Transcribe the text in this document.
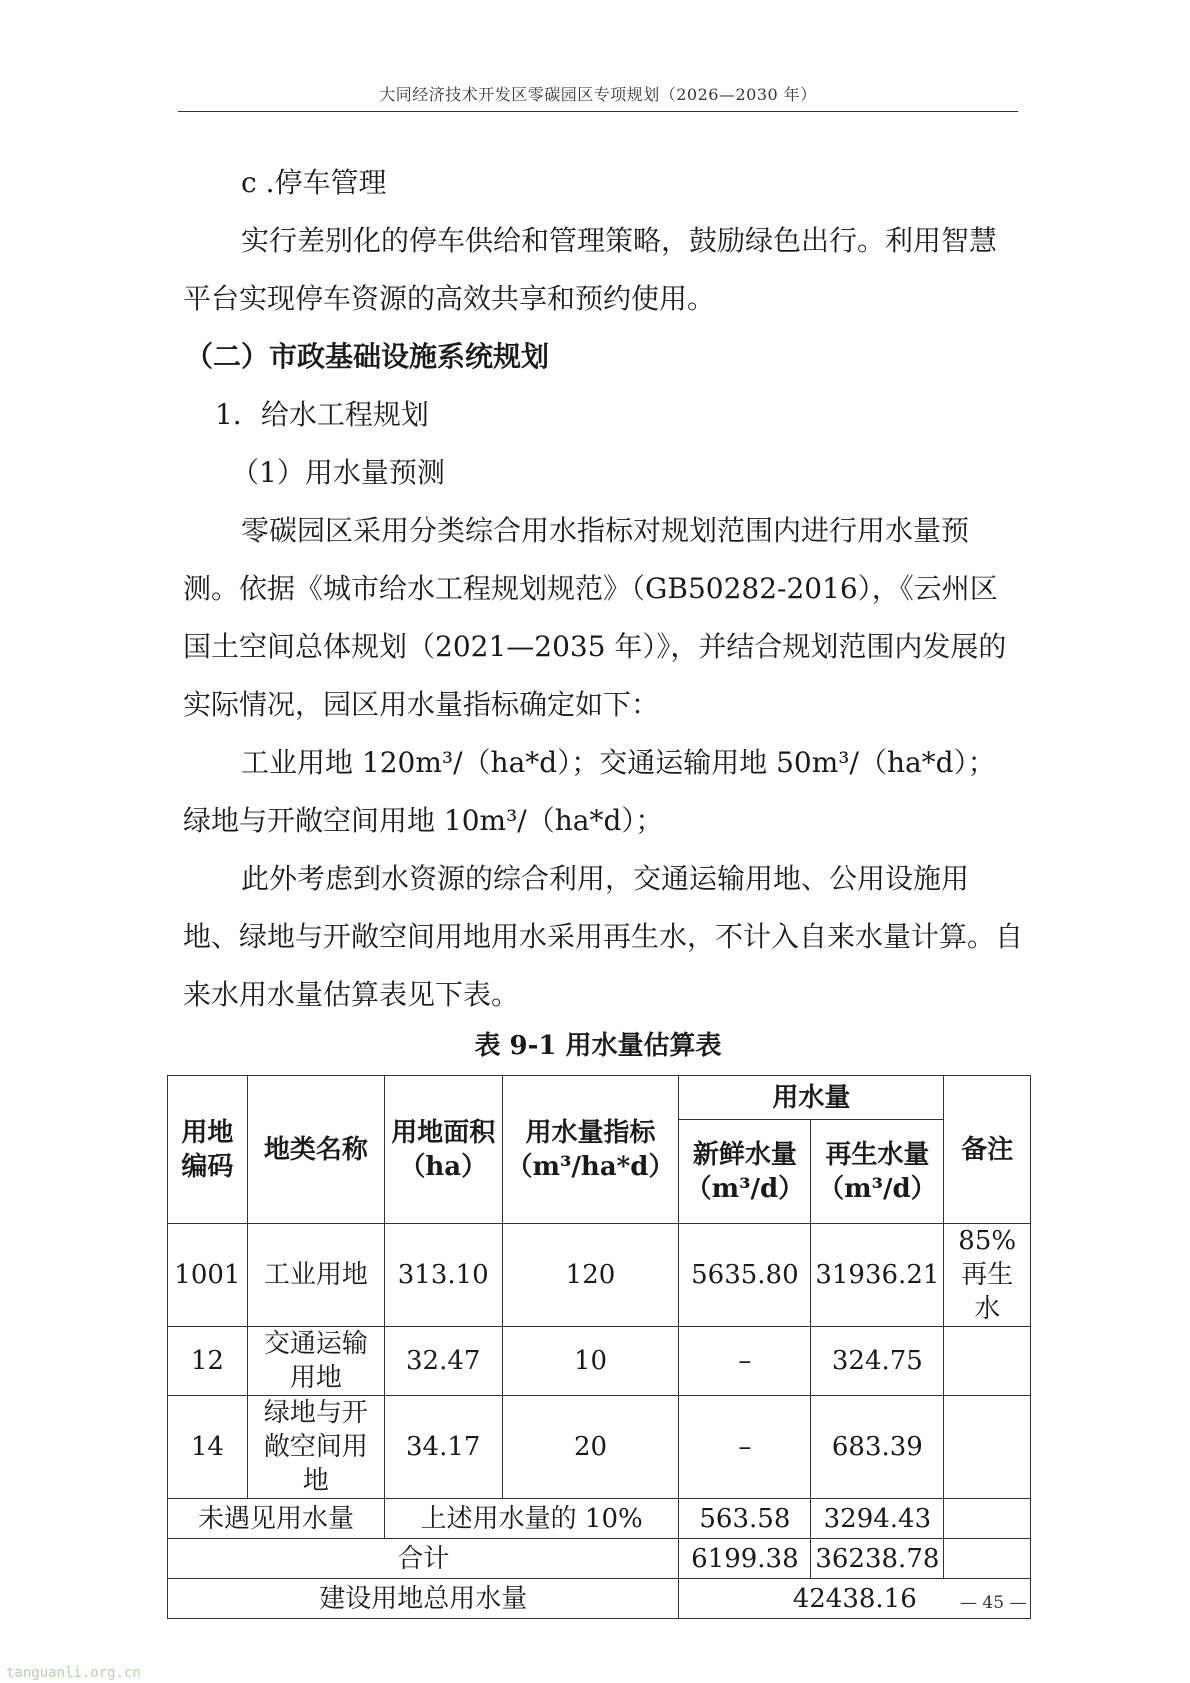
大同经济技术开发区零碳园区专项规划（2026—2030 年）

c .停车管理

实行差别化的停车供给和管理策略，鼓励绿色出行。利用智慧平台实现停车资源的高效共享和预约使用。

（二）市政基础设施系统规划

1．给水工程规划

（1）用水量预测

零碳园区采用分类综合用水指标对规划范围内进行用水量预测。依据《城市给水工程规划规范》（GB50282-2016），《云州区国土空间总体规划（2021—2035 年）》，并结合规划范围内发展的实际情况，园区用水量指标确定如下：

工业用地 120m³/（ha*d）；交通运输用地 50m³/（ha*d）；绿地与开敞空间用地 10m³/（ha*d）；

此外考虑到水资源的综合利用，交通运输用地、公用设施用地、绿地与开敞空间用地用水采用再生水，不计入自来水量计算。自来水用水量估算表见下表。

表 9-1 用水量估算表
用地编码	地类名称	用地面积（ha）	用水量指标（m³/ha*d）	用水量		备注
				新鲜水量（m³/d）	再生水量（m³/d）	
1001	工业用地	313.10	120	5635.80	31936.21	85%再生水
12	交通运输用地	32.47	10	–	324.75	
14	绿地与开敞空间用地	34.17	20	–	683.39	
未遇见用水量		上述用水量的 10%		563.58	3294.43	
合计				6199.38	36238.78	
建设用地总用水量				42438.16			— 45 —
tanguanli.org.cn
